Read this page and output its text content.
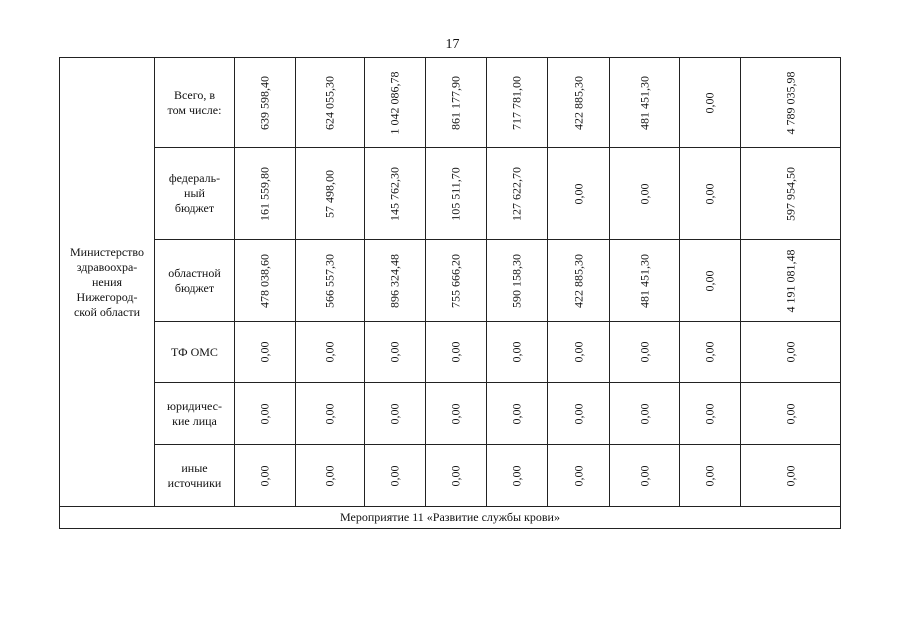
17
Министерство
здравоохра-
нения
Нижегород-
ской области	Всего, в
том числе:	639 598,40	624 055,30	1 042 086,78	861 177,90	717 781,00	422 885,30	481 451,30	0,00	4 789 035,98

	федераль-
ный
бюджет	161 559,80	57 498,00	145 762,30	105 511,70	127 622,70	0,00	0,00	0,00	597 954,50

	областной
бюджет	478 038,60	566 557,30	896 324,48	755 666,20	590 158,30	422 885,30	481 451,30	0,00	4 191 081,48

	ТФ ОМС	0,00	0,00	0,00	0,00	0,00	0,00	0,00	0,00	0,00

	юридичес-
кие лица	0,00	0,00	0,00	0,00	0,00	0,00	0,00	0,00	0,00

	иные
источники	0,00	0,00	0,00	0,00	0,00	0,00	0,00	0,00	0,00

Мероприятие 11 «Развитие службы крови»										
